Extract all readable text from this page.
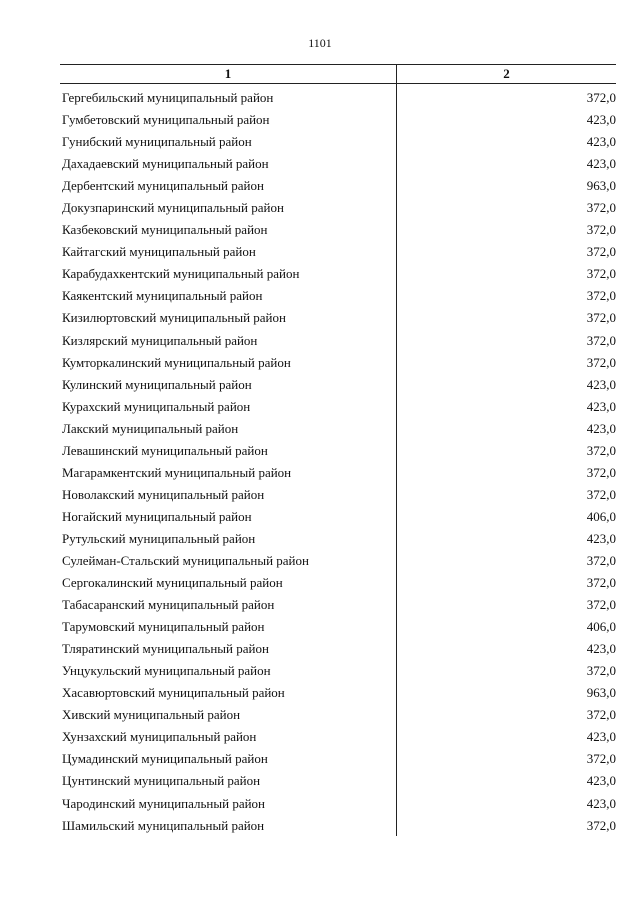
1101
1	2
Гергебильский муниципальный район	372,0
Гумбетовский муниципальный район	423,0
Гунибский муниципальный район	423,0
Дахадаевский муниципальный район	423,0
Дербентский муниципальный район	963,0
Докузпаринский муниципальный район	372,0
Казбековский муниципальный район	372,0
Кайтагский муниципальный район	372,0
Карабудахкентский муниципальный район	372,0
Каякентский муниципальный район	372,0
Кизилюртовский муниципальный район	372,0
Кизлярский муниципальный район	372,0
Кумторкалинский муниципальный район	372,0
Кулинский муниципальный район	423,0
Курахский муниципальный район	423,0
Лакский муниципальный район	423,0
Левашинский муниципальный район	372,0
Магарамкентский муниципальный район	372,0
Новолакский муниципальный район	372,0
Ногайский муниципальный район	406,0
Рутульский муниципальный район	423,0
Сулейман-Стальский муниципальный район	372,0
Сергокалинский муниципальный район	372,0
Табасаранский муниципальный район	372,0
Тарумовский муниципальный район	406,0
Тляратинский муниципальный район	423,0
Унцукульский муниципальный район	372,0
Хасавюртовский муниципальный район	963,0
Хивский муниципальный район	372,0
Хунзахский муниципальный район	423,0
Цумадинский муниципальный район	372,0
Цунтинский муниципальный район	423,0
Чародинский муниципальный район	423,0
Шамильский муниципальный район	372,0
